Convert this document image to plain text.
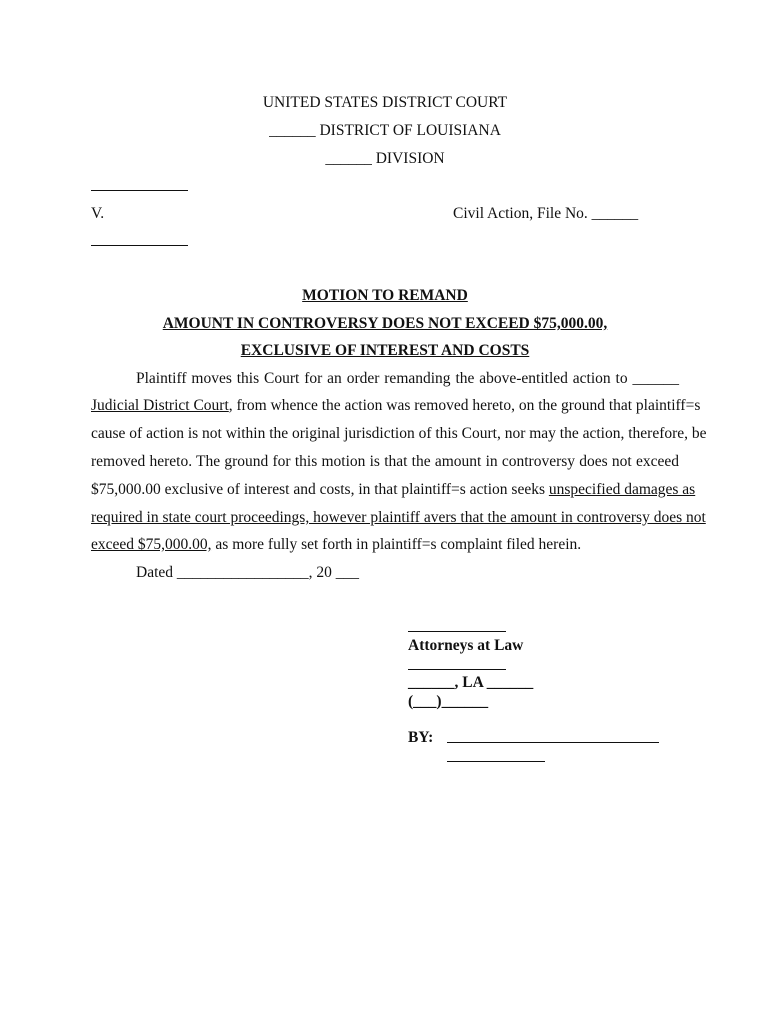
UNITED STATES DISTRICT COURT
______ DISTRICT OF LOUISIANA
______ DIVISION
V.	Civil Action, File No. ______
MOTION TO REMAND
AMOUNT IN CONTROVERSY DOES NOT EXCEED $75,000.00,
EXCLUSIVE OF INTEREST AND COSTS
Plaintiff moves this Court for an order remanding the above-entitled action to ______
Judicial District Court, from whence the action was removed hereto, on the ground that plaintiff=s
cause of action is not within the original jurisdiction of this Court, nor may the action, therefore, be
removed hereto. The ground for this motion is that the amount in controversy does not exceed
$75,000.00 exclusive of interest and costs, in that plaintiff=s action seeks unspecified damages as
required in state court proceedings, however plaintiff avers that the amount in controversy does not
exceed $75,000.00, as more fully set forth in plaintiff=s complaint filed herein.
Dated _________________, 20 ___
Attorneys at Law
______, LA ______
(___)______
BY:
